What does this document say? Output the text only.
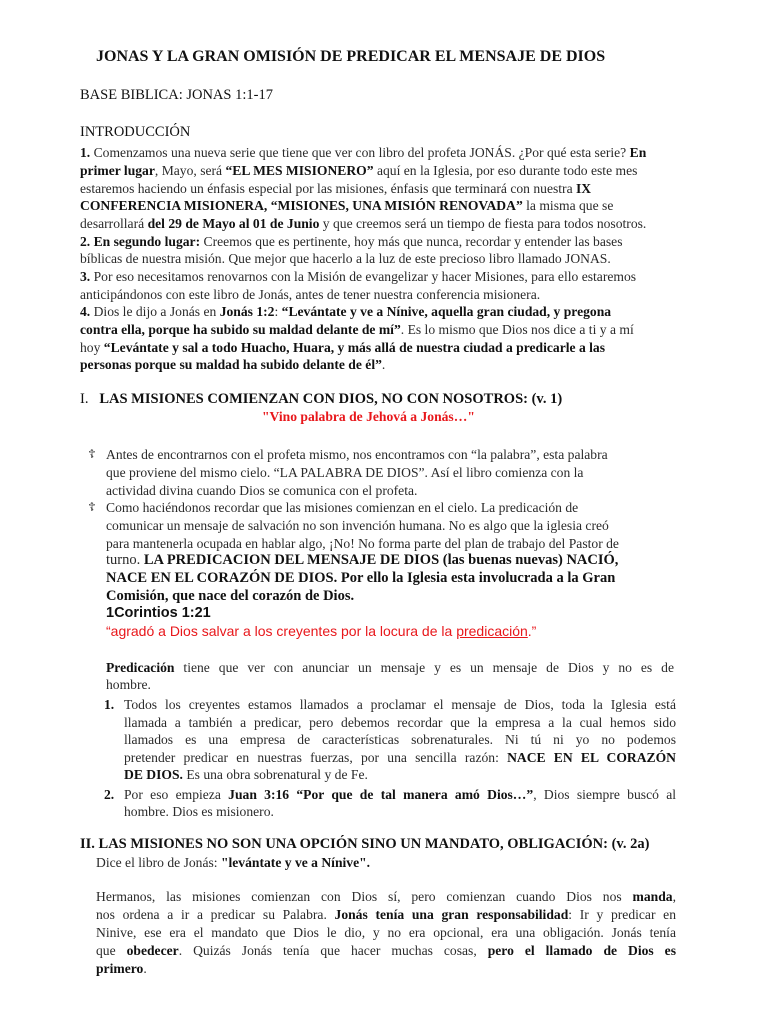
JONAS Y LA GRAN OMISIÓN DE PREDICAR EL MENSAJE DE DIOS
BASE BIBLICA: JONAS 1:1-17
INTRODUCCIÓN
1. Comenzamos una nueva serie que tiene que ver con libro del profeta JONÁS. ¿Por qué esta serie? En
primer lugar, Mayo, será “EL MES MISIONERO” aquí en la Iglesia, por eso durante todo este mes
estaremos haciendo un énfasis especial por las misiones, énfasis que terminará con nuestra IX
CONFERENCIA MISIONERA, “MISIONES, UNA MISIÓN RENOVADA” la misma que se
desarrollará del 29 de Mayo al 01 de Junio y que creemos será un tiempo de fiesta para todos nosotros.
2. En segundo lugar: Creemos que es pertinente, hoy más que nunca, recordar y entender las bases
bíblicas de nuestra misión. Que mejor que hacerlo a la luz de este precioso libro llamado JONAS.
3. Por eso necesitamos renovarnos con la Misión de evangelizar y hacer Misiones, para ello estaremos
anticipándonos con este libro de Jonás, antes de tener nuestra conferencia misionera.
4. Dios le dijo a Jonás en Jonás 1:2: “Levántate y ve a Nínive, aquella gran ciudad, y pregona
contra ella, porque ha subido su maldad delante de mí”. Es lo mismo que Dios nos dice a ti y a mí
hoy “Levántate y sal a todo Huacho, Huara, y más allá de nuestra ciudad a predicarle a las
personas porque su maldad ha subido delante de él”.
I. LAS MISIONES COMIENZAN CON DIOS, NO CON NOSOTROS: (v. 1)
"Vino palabra de Jehová a Jonás…"
☦ Antes de encontrarnos con el profeta mismo, nos encontramos con “la palabra”, esta palabra
que proviene del mismo cielo. “LA PALABRA DE DIOS”. Así el libro comienza con la
actividad divina cuando Dios se comunica con el profeta.
☦ Como haciéndonos recordar que las misiones comienzan en el cielo. La predicación de
comunicar un mensaje de salvación no son invención humana. No es algo que la iglesia creó
para mantenerla ocupada en hablar algo, ¡No! No forma parte del plan de trabajo del Pastor de
turno. LA PREDICACION DEL MENSAJE DE DIOS (las buenas nuevas) NACIÓ,
NACE EN EL CORAZÓN DE DIOS. Por ello la Iglesia esta involucrada a la Gran
Comisión, que nace del corazón de Dios.
1Corintios 1:21
“agradó a Dios salvar a los creyentes por la locura de la predicación.”
Predicación tiene que ver con anunciar un mensaje y es un mensaje de Dios y no es de
hombre.
1. Todos los creyentes estamos llamados a proclamar el mensaje de Dios, toda la Iglesia está
llamada a también a predicar, pero debemos recordar que la empresa a la cual hemos sido
llamados es una empresa de características sobrenaturales. Ni tú ni yo no podemos
pretender predicar en nuestras fuerzas, por una sencilla razón: NACE EN EL CORAZÓN
DE DIOS. Es una obra sobrenatural y de Fe.
2. Por eso empieza Juan 3:16 “Por que de tal manera amó Dios…”, Dios siempre buscó al
hombre. Dios es misionero.
II. LAS MISIONES NO SON UNA OPCIÓN SINO UN MANDATO, OBLIGACIÓN: (v. 2a)
Dice el libro de Jonás: "levántate y ve a Nínive".
Hermanos, las misiones comienzan con Dios sí, pero comienzan cuando Dios nos manda,
nos ordena a ir a predicar su Palabra. Jonás tenía una gran responsabilidad: Ir y predicar en
Ninive, ese era el mandato que Dios le dio, y no era opcional, era una obligación. Jonás tenía
que obedecer. Quizás Jonás tenía que hacer muchas cosas, pero el llamado de Dios es
primero.
